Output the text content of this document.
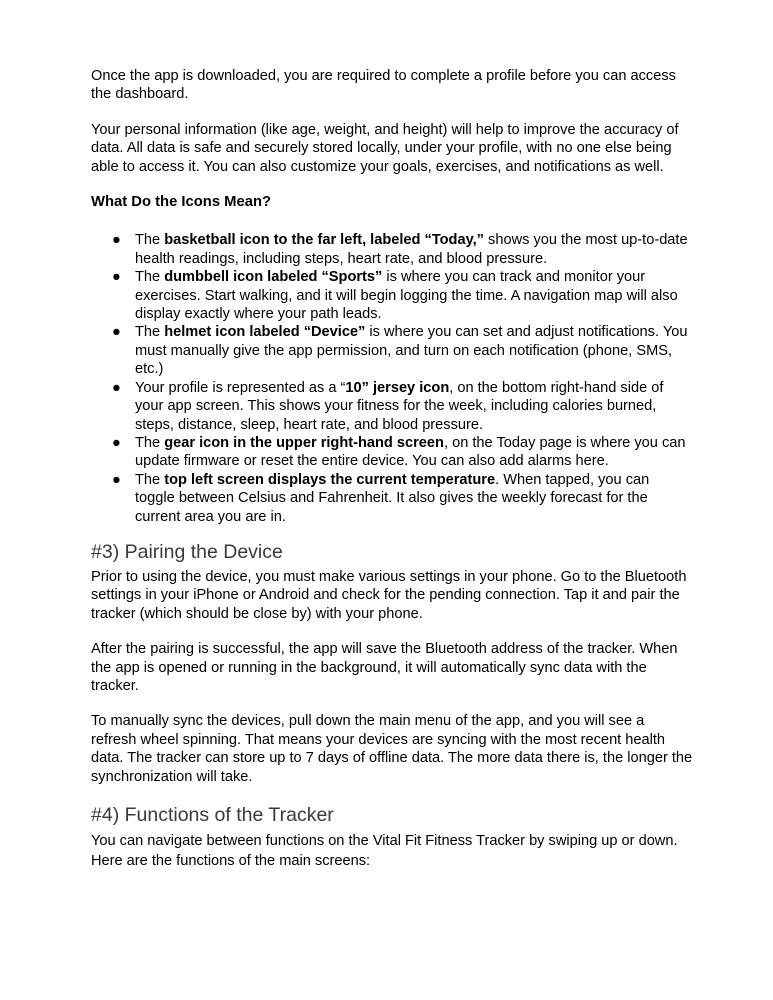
Once the app is downloaded, you are required to complete a profile before you can access the dashboard.

Your personal information (like age, weight, and height) will help to improve the accuracy of data. All data is safe and securely stored locally, under your profile, with no one else being able to access it. You can also customize your goals, exercises, and notifications as well.

What Do the Icons Mean?

● The basketball icon to the far left, labeled “Today,” shows you the most up-to-date health readings, including steps, heart rate, and blood pressure.
● The dumbbell icon labeled “Sports” is where you can track and monitor your exercises. Start walking, and it will begin logging the time. A navigation map will also display exactly where your path leads.
● The helmet icon labeled “Device” is where you can set and adjust notifications. You must manually give the app permission, and turn on each notification (phone, SMS, etc.)
● Your profile is represented as a “10” jersey icon, on the bottom right-hand side of your app screen. This shows your fitness for the week, including calories burned, steps, distance, sleep, heart rate, and blood pressure.
● The gear icon in the upper right-hand screen, on the Today page is where you can update firmware or reset the entire device. You can also add alarms here.
● The top left screen displays the current temperature. When tapped, you can toggle between Celsius and Fahrenheit. It also gives the weekly forecast for the current area you are in.
#3) Pairing the Device

Prior to using the device, you must make various settings in your phone. Go to the Bluetooth settings in your iPhone or Android and check for the pending connection. Tap it and pair the tracker (which should be close by) with your phone.

After the pairing is successful, the app will save the Bluetooth address of the tracker. When the app is opened or running in the background, it will automatically sync data with the tracker.

To manually sync the devices, pull down the main menu of the app, and you will see a refresh wheel spinning. That means your devices are syncing with the most recent health data. The tracker can store up to 7 days of offline data. The more data there is, the longer the synchronization will take.

#4) Functions of the Tracker

You can navigate between functions on the Vital Fit Fitness Tracker by swiping up or down. Here are the functions of the main screens:
